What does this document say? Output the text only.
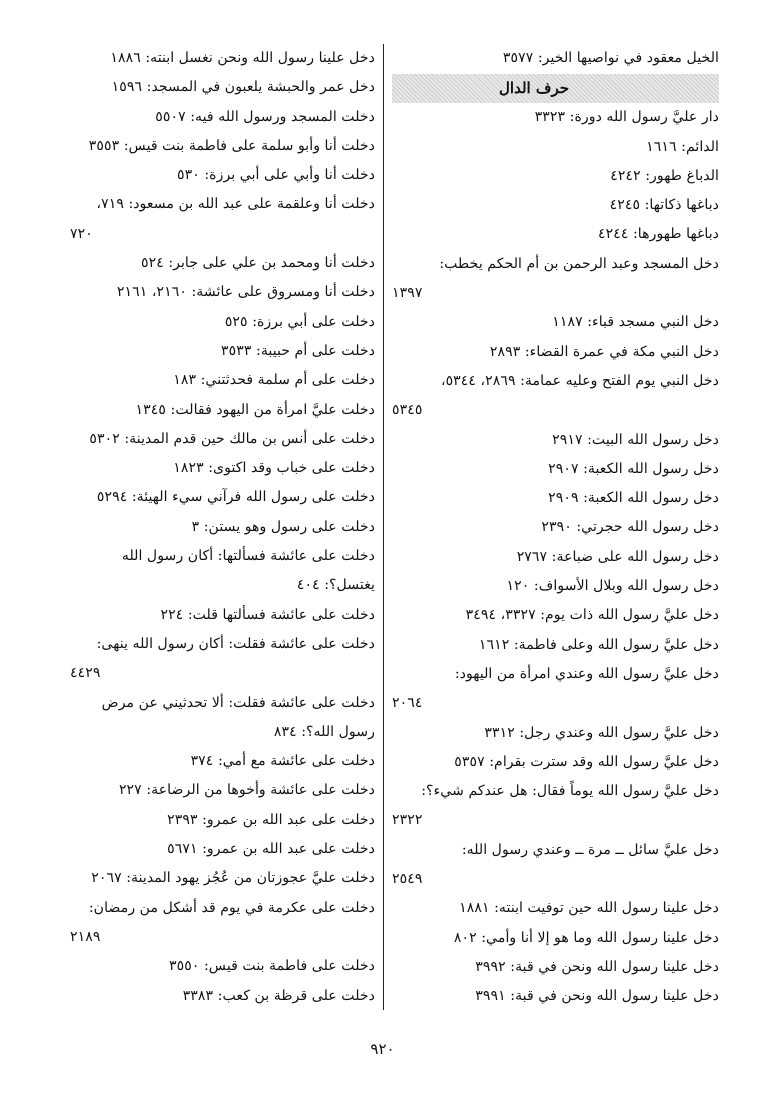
الخيل معقود في نواصيها الخير: ٣٥٧٧
حرف الدال
دار عليَّ رسول الله دورة: ٣٣٢٣
الدائم: ١٦١٦
الدباغ طهور: ٤٢٤٢
دباغها ذكاتها: ٤٢٤٥
دباغها طهورها: ٤٢٤٤
دخل المسجد وعبد الرحمن بن أم الحكم يخطب:
١٣٩٧
دخل النبي مسجد قباء: ١١٨٧
دخل النبي مكة في عمرة القضاء: ٢٨٩٣
دخل النبي يوم الفتح وعليه عمامة: ٢٨٦٩، ٥٣٤٤،
٥٣٤٥
دخل رسول الله البيت: ٢٩١٧
دخل رسول الله الكعبة: ٢٩٠٧
دخل رسول الله الكعبة: ٢٩٠٩
دخل رسول الله حجرتي: ٢٣٩٠
دخل رسول الله على ضباعة: ٢٧٦٧
دخل رسول الله وبلال الأسواف: ١٢٠
دخل عليَّ رسول الله ذات يوم: ٣٣٢٧، ٣٤٩٤
دخل عليَّ رسول الله وعلى فاطمة: ١٦١٢
دخل عليَّ رسول الله وعندي امرأة من اليهود:
٢٠٦٤
دخل عليَّ رسول الله وعندي رجل: ٣٣١٢
دخل عليَّ رسول الله وقد سترت بقرام: ٥٣٥٧
دخل عليَّ رسول الله يوماً فقال: هل عندكم شيء؟:
٢٣٢٢
دخل عليَّ سائل ــ مرة ــ وعندي رسول الله:
٢٥٤٩
دخل علينا رسول الله حين توفيت ابنته: ١٨٨١
دخل علينا رسول الله وما هو إلا أنا وأمي: ٨٠٢
دخل علينا رسول الله ونحن في قبة: ٣٩٩٢
دخل علينا رسول الله ونحن في قبة: ٣٩٩١
دخل علينا رسول الله ونحن نغسل ابنته: ١٨٨٦
دخل عمر والحبشة يلعبون في المسجد: ١٥٩٦
دخلت المسجد ورسول الله فيه: ٥٥٠٧
دخلت أنا وأبو سلمة على فاطمة بنت قيس: ٣٥٥٣
دخلت أنا وأبي على أبي برزة: ٥٣٠
دخلت أنا وعلقمة على عبد الله بن مسعود: ٧١٩،
٧٢٠
دخلت أنا ومحمد بن علي على جابر: ٥٢٤
دخلت أنا ومسروق على عائشة: ٢١٦٠، ٢١٦١
دخلت على أبي برزة: ٥٢٥
دخلت على أم حبيبة: ٣٥٣٣
دخلت على أم سلمة فحدثتني: ١٨٣
دخلت عليَّ امرأة من اليهود فقالت: ١٣٤٥
دخلت على أنس بن مالك حين قدم المدينة: ٥٣٠٢
دخلت على خباب وقد اكتوى: ١٨٢٣
دخلت على رسول الله فرآني سيء الهيئة: ٥٢٩٤
دخلت على رسول وهو يستن: ٣
دخلت على عائشة فسألتها: أكان رسول الله
يغتسل؟: ٤٠٤
دخلت على عائشة فسألتها قلت: ٢٢٤
دخلت على عائشة فقلت: أكان رسول الله ينهى:
٤٤٢٩
دخلت على عائشة فقلت: ألا تحدثيني عن مرض
رسول الله؟: ٨٣٤
دخلت على عائشة مع أمي: ٣٧٤
دخلت على عائشة وأخوها من الرضاعة: ٢٢٧
دخلت على عبد الله بن عمرو: ٢٣٩٣
دخلت على عبد الله بن عمرو: ٥٦٧١
دخلت عليَّ عجوزتان من عُجُز يهود المدينة: ٢٠٦٧
دخلت على عكرمة في يوم قد أشكل من رمضان:
٢١٨٩
دخلت على فاطمة بنت قيس: ٣٥٥٠
دخلت على قرظة بن كعب: ٣٣٨٣
٩٢٠
